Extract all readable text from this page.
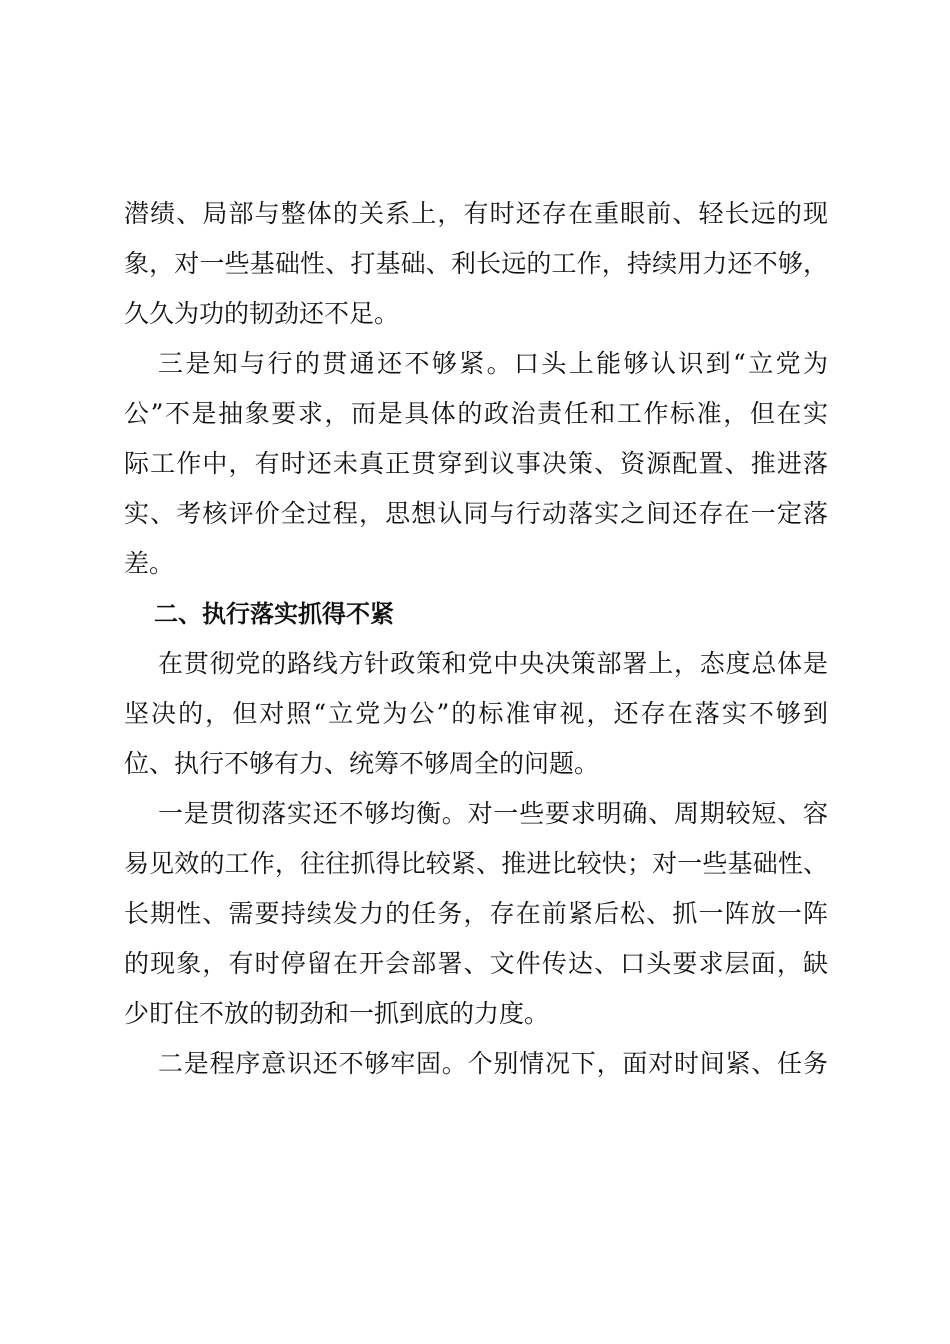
潜绩、局部与整体的关系上，有时还存在重眼前、轻长远的现
象，对一些基础性、打基础、利长远的工作，持续用力还不够，
久久为功的韧劲还不足。
三是知与行的贯通还不够紧。口头上能够认识到“立党为
公”不是抽象要求，而是具体的政治责任和工作标准，但在实
际工作中，有时还未真正贯穿到议事决策、资源配置、推进落
实、考核评价全过程，思想认同与行动落实之间还存在一定落
差。
二、执行落实抓得不紧
在贯彻党的路线方针政策和党中央决策部署上，态度总体是
坚决的，但对照“立党为公”的标准审视，还存在落实不够到
位、执行不够有力、统筹不够周全的问题。
一是贯彻落实还不够均衡。对一些要求明确、周期较短、容
易见效的工作，往往抓得比较紧、推进比较快；对一些基础性、
长期性、需要持续发力的任务，存在前紧后松、抓一阵放一阵
的现象，有时停留在开会部署、文件传达、口头要求层面，缺
少盯住不放的韧劲和一抓到底的力度。
二是程序意识还不够牢固。个别情况下，面对时间紧、任务
